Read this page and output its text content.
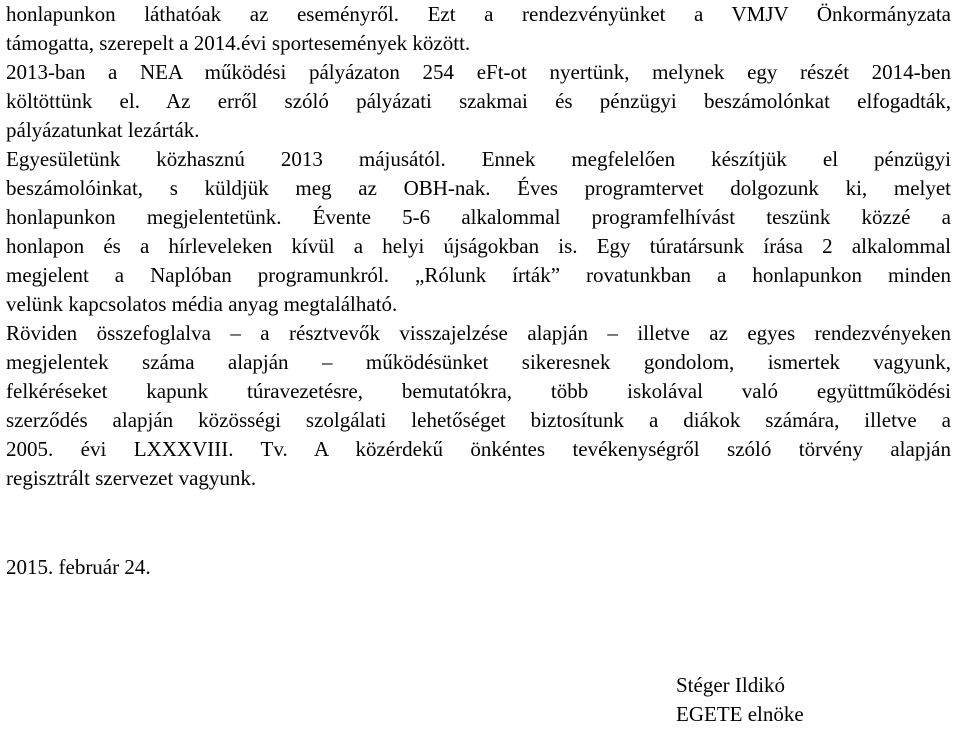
honlapunkon láthatóak az eseményről. Ezt a rendezvényünket a VMJV Önkormányzata
támogatta, szerepelt a 2014.évi sportesemények között.
2013-ban a NEA működési pályázaton 254 eFt-ot nyertünk, melynek egy részét 2014-ben
költöttünk el. Az erről szóló pályázati szakmai és pénzügyi beszámolónkat elfogadták,
pályázatunkat lezárták.
Egyesületünk közhasznú 2013 májusától. Ennek megfelelően készítjük el pénzügyi
beszámolóinkat, s küldjük meg az OBH-nak. Éves programtervet dolgozunk ki, melyet
honlapunkon megjelentetünk. Évente 5-6 alkalommal programfelhívást teszünk közzé a
honlapon és a hírleveleken kívül a helyi újságokban is. Egy túratársunk írása 2 alkalommal
megjelent a Naplóban programunkról. „Rólunk írták” rovatunkban a honlapunkon minden
velünk kapcsolatos média anyag megtalálható.
Röviden összefoglalva – a résztvevők visszajelzése alapján – illetve az egyes rendezvényeken
megjelentek száma alapján – működésünket sikeresnek gondolom, ismertek vagyunk,
felkéréseket kapunk túravezetésre, bemutatókra, több iskolával való együttműködési
szerződés alapján közösségi szolgálati lehetőséget biztosítunk a diákok számára, illetve a
2005. évi LXXXVIII. Tv. A közérdekű önkéntes tevékenységről szóló törvény alapján
regisztrált szervezet vagyunk.
2015. február 24.
Stéger Ildikó
EGETE elnöke
